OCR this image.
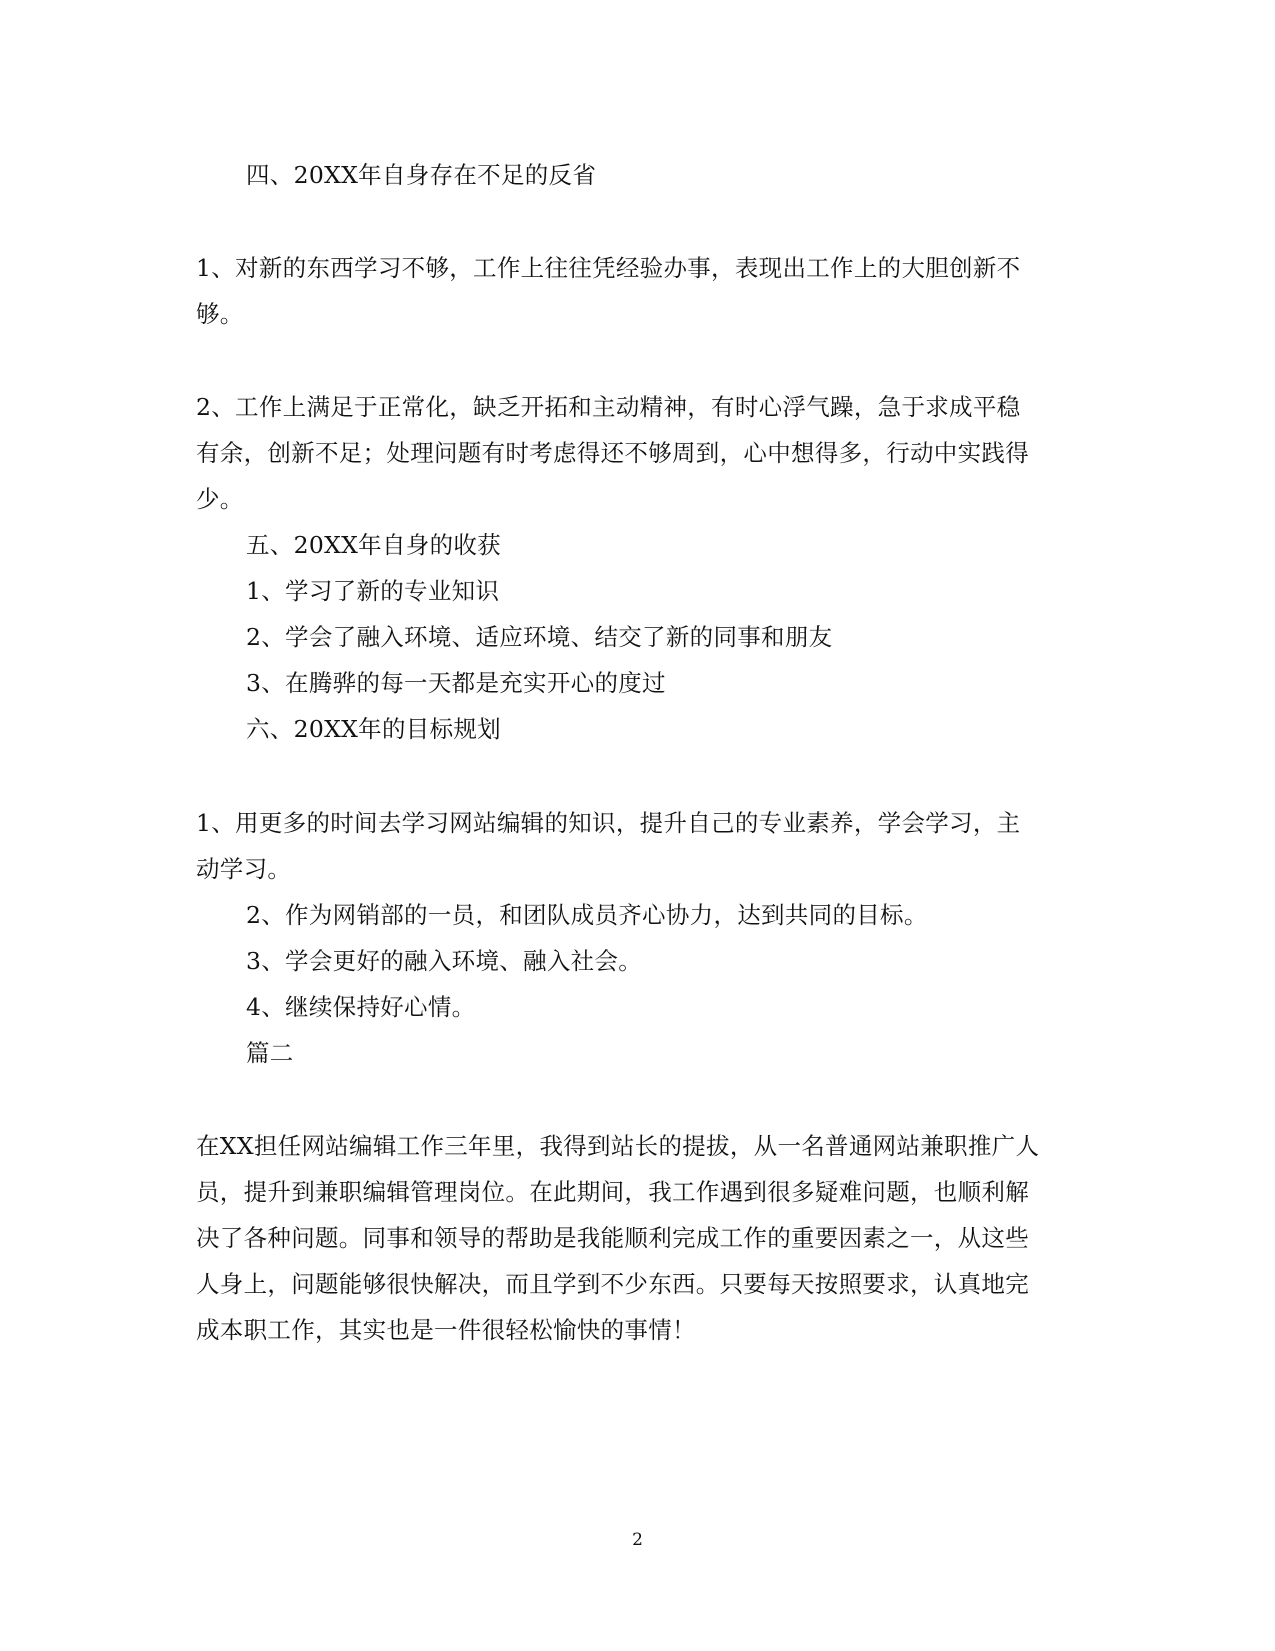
四、20XX年自身存在不足的反省
1、对新的东西学习不够，工作上往往凭经验办事，表现出工作上的大胆创新不
够。
2、工作上满足于正常化，缺乏开拓和主动精神，有时心浮气躁，急于求成平稳
有余，创新不足；处理问题有时考虑得还不够周到，心中想得多，行动中实践得
少。
五、20XX年自身的收获
1、学习了新的专业知识
2、学会了融入环境、适应环境、结交了新的同事和朋友
3、在腾骅的每一天都是充实开心的度过
六、20XX年的目标规划
1、用更多的时间去学习网站编辑的知识，提升自己的专业素养，学会学习，主
动学习。
2、作为网销部的一员，和团队成员齐心协力，达到共同的目标。
3、学会更好的融入环境、融入社会。
4、继续保持好心情。
篇二
在XX担任网站编辑工作三年里，我得到站长的提拔，从一名普通网站兼职推广人
员，提升到兼职编辑管理岗位。在此期间，我工作遇到很多疑难问题，也顺利解
决了各种问题。同事和领导的帮助是我能顺利完成工作的重要因素之一，从这些
人身上，问题能够很快解决，而且学到不少东西。只要每天按照要求，认真地完
成本职工作，其实也是一件很轻松愉快的事情！
2
